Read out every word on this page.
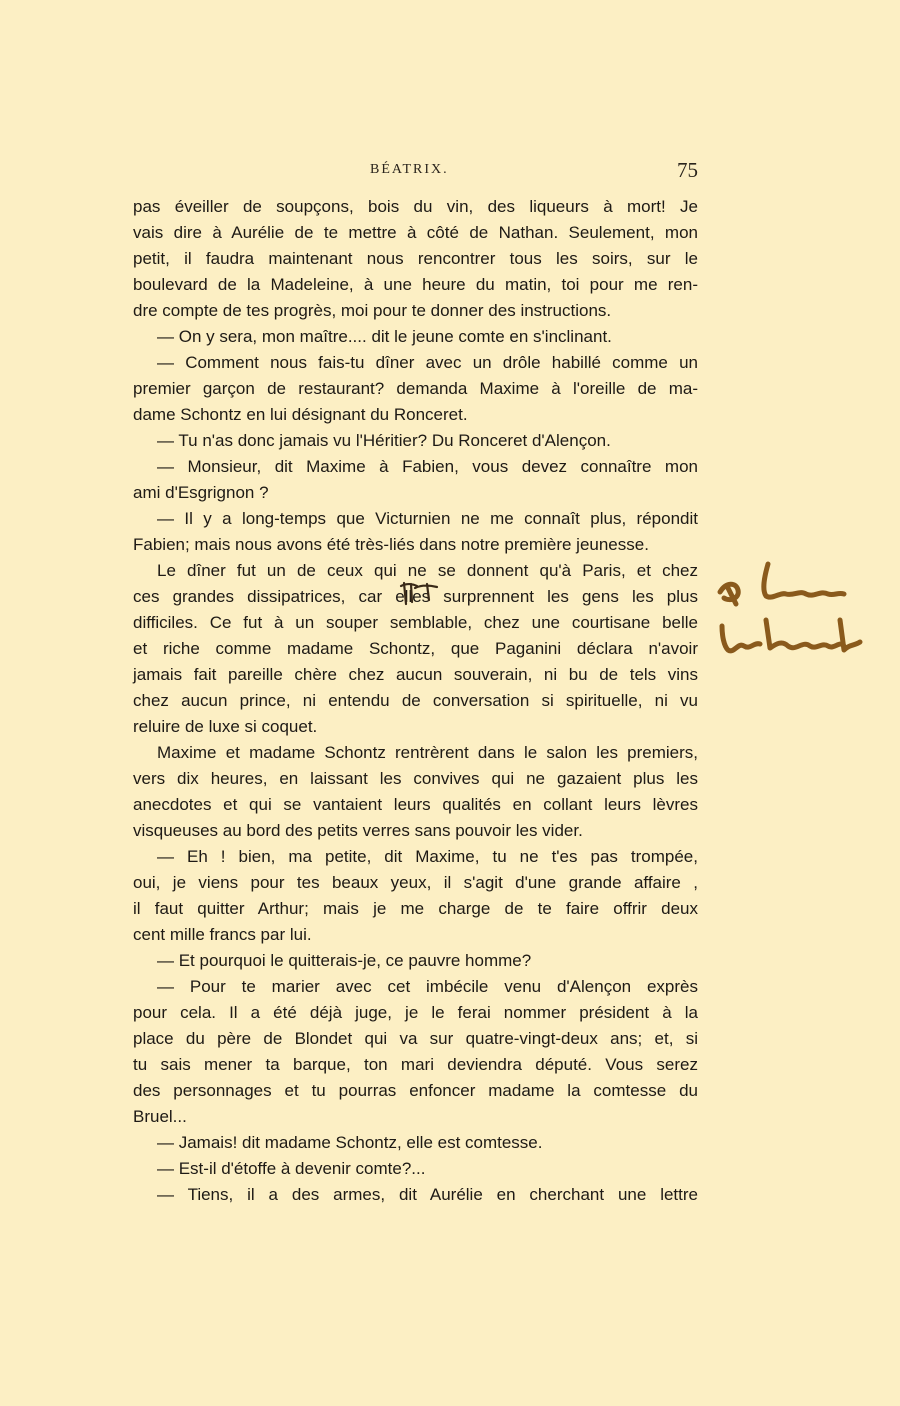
BÉATRIX.	75
pas éveiller de soupçons, bois du vin, des liqueurs à mort! Je
vais dire à Aurélie de te mettre à côté de Nathan. Seulement, mon
petit, il faudra maintenant nous rencontrer tous les soirs, sur le
boulevard de la Madeleine, à une heure du matin, toi pour me ren-
dre compte de tes progrès, moi pour te donner des instructions.
— On y sera, mon maître.... dit le jeune comte en s'inclinant.
— Comment nous fais-tu dîner avec un drôle habillé comme un
premier garçon de restaurant? demanda Maxime à l'oreille de ma-
dame Schontz en lui désignant du Ronceret.
— Tu n'as donc jamais vu l'Héritier? Du Ronceret d'Alençon.
— Monsieur, dit Maxime à Fabien, vous devez connaître mon
ami d'Esgrignon ?
— Il y a long-temps que Victurnien ne me connaît plus, répondit
Fabien; mais nous avons été très-liés dans notre première jeunesse.
Le dîner fut un de ceux qui ne se donnent qu'à Paris, et chez
ces grandes dissipatrices, car elles surprennent les gens les plus
difficiles. Ce fut à un souper semblable, chez une courtisane belle
et riche comme madame Schontz, que Paganini déclara n'avoir
jamais fait pareille chère chez aucun souverain, ni bu de tels vins
chez aucun prince, ni entendu de conversation si spirituelle, ni vu
reluire de luxe si coquet.
Maxime et madame Schontz rentrèrent dans le salon les premiers,
vers dix heures, en laissant les convives qui ne gazaient plus les
anecdotes et qui se vantaient leurs qualités en collant leurs lèvres
visqueuses au bord des petits verres sans pouvoir les vider.
— Eh ! bien, ma petite, dit Maxime, tu ne t'es pas trompée,
oui, je viens pour tes beaux yeux, il s'agit d'une grande affaire ,
il faut quitter Arthur; mais je me charge de te faire offrir deux
cent mille francs par lui.
— Et pourquoi le quitterais-je, ce pauvre homme?
— Pour te marier avec cet imbécile venu d'Alençon exprès
pour cela. Il a été déjà juge, je le ferai nommer président à la
place du père de Blondet qui va sur quatre-vingt-deux ans; et, si
tu sais mener ta barque, ton mari deviendra député. Vous serez
des personnages et tu pourras enfoncer madame la comtesse du
Bruel...
— Jamais! dit madame Schontz, elle est comtesse.
— Est-il d'étoffe à devenir comte?...
— Tiens, il a des armes, dit Aurélie en cherchant une lettre
